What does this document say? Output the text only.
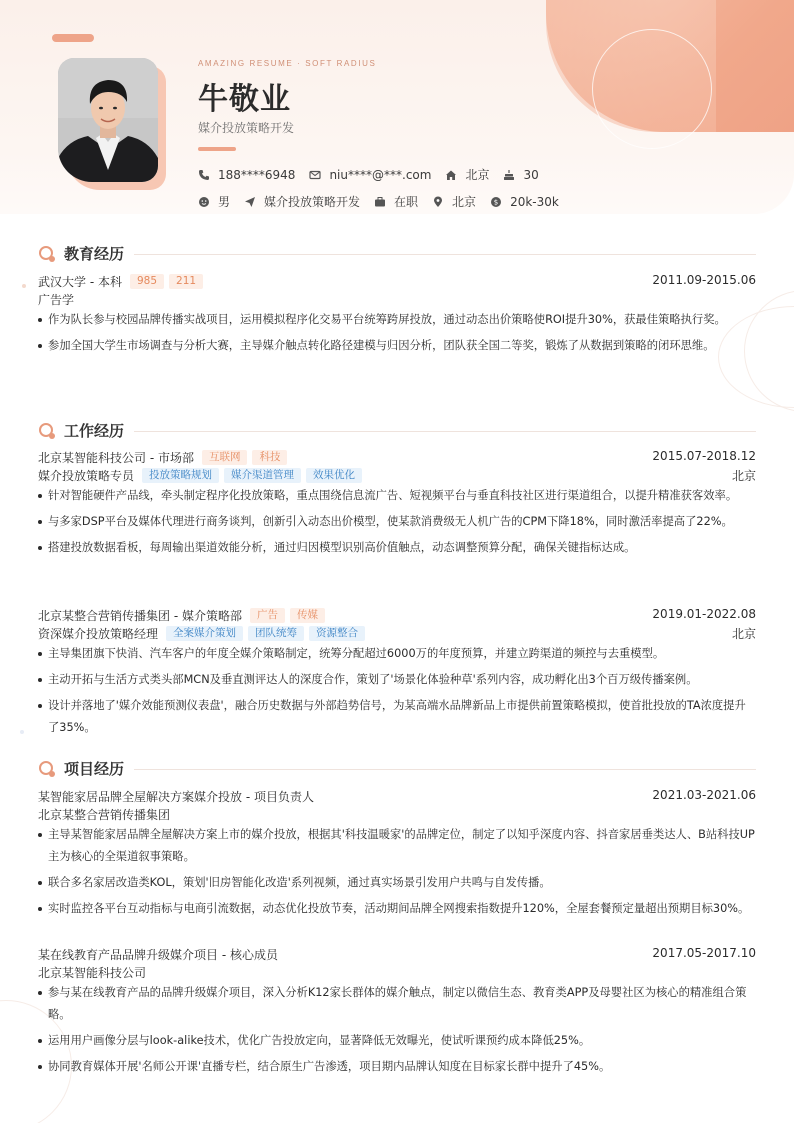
AMAZING RESUME · SOFT RADIUS
牛敬业
媒介投放策略开发
188****6948	niu****@***.com	北京	30
男	媒介投放策略开发	在职	北京	$ 20k-30k
教育经历
武汉大学 - 本科	985	211	2011.09-2015.06
广告学
作为队长参与校园品牌传播实战项目，运用模拟程序化交易平台统筹跨屏投放，通过动态出价策略使ROI提升30%，获最佳策略执行奖。
参加全国大学生市场调查与分析大赛，主导媒介触点转化路径建模与归因分析，团队获全国二等奖，锻炼了从数据到策略的闭环思维。
工作经历
北京某智能科技公司 - 市场部	互联网	科技	2015.07-2018.12
媒介投放策略专员	投放策略规划	媒介渠道管理	效果优化	北京
针对智能硬件产品线，牵头制定程序化投放策略，重点围绕信息流广告、短视频平台与垂直科技社区进行渠道组合，以提升精准获客效率。
与多家DSP平台及媒体代理进行商务谈判，创新引入动态出价模型，使某款消费级无人机广告的CPM下降18%，同时激活率提高了22%。
搭建投放数据看板，每周输出渠道效能分析，通过归因模型识别高价值触点，动态调整预算分配，确保关键指标达成。
北京某整合营销传播集团 - 媒介策略部	广告	传媒	2019.01-2022.08
资深媒介投放策略经理	全案媒介策划	团队统筹	资源整合	北京
主导集团旗下快消、汽车客户的年度全媒介策略制定，统筹分配超过6000万的年度预算，并建立跨渠道的频控与去重模型。
主动开拓与生活方式类头部MCN及垂直测评达人的深度合作，策划了'场景化体验种草'系列内容，成功孵化出3个百万级传播案例。
设计并落地了'媒介效能预测仪表盘'，融合历史数据与外部趋势信号，为某高端水品牌新品上市提供前置策略模拟，使首批投放的TA浓度提升了35%。
项目经历
某智能家居品牌全屋解决方案媒介投放 - 项目负责人	2021.03-2021.06
北京某整合营销传播集团
主导某智能家居品牌全屋解决方案上市的媒介投放，根据其'科技温暖家'的品牌定位，制定了以知乎深度内容、抖音家居垂类达人、B站科技UP主为核心的全渠道叙事策略。
联合多名家居改造类KOL，策划'旧房智能化改造'系列视频，通过真实场景引发用户共鸣与自发传播。
实时监控各平台互动指标与电商引流数据，动态优化投放节奏，活动期间品牌全网搜索指数提升120%，全屋套餐预定量超出预期目标30%。
某在线教育产品品牌升级媒介项目 - 核心成员	2017.05-2017.10
北京某智能科技公司
参与某在线教育产品的品牌升级媒介项目，深入分析K12家长群体的媒介触点，制定以微信生态、教育类APP及母婴社区为核心的精准组合策略。
运用用户画像分层与look-alike技术，优化广告投放定向，显著降低无效曝光，使试听课预约成本降低25%。
协同教育媒体开展'名师公开课'直播专栏，结合原生广告渗透，项目期内品牌认知度在目标家长群中提升了45%。
